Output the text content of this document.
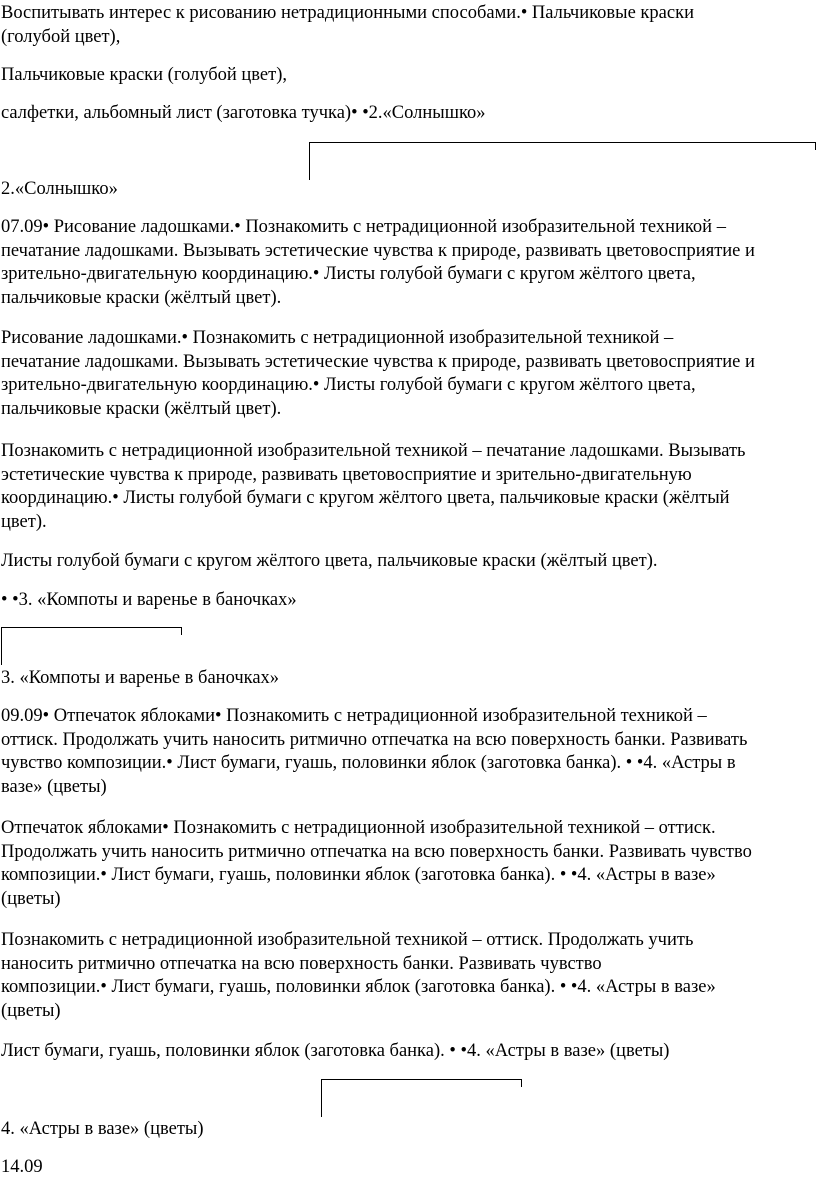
Воспитывать интерес к рисованию нетрадиционными способами.• Пальчиковые краски
(голубой цвет),
Пальчиковые краски (голубой цвет),
салфетки, альбомный лист (заготовка тучка)• •2.«Солнышко»
2.«Солнышко»
07.09• Рисование ладошками.• Познакомить с нетрадиционной изобразительной техникой –
печатание ладошками. Вызывать эстетические чувства к природе, развивать цветовосприятие и
зрительно-двигательную координацию.• Листы голубой бумаги с кругом жёлтого цвета,
пальчиковые краски (жёлтый цвет).
Рисование ладошками.• Познакомить с нетрадиционной изобразительной техникой –
печатание ладошками. Вызывать эстетические чувства к природе, развивать цветовосприятие и
зрительно-двигательную координацию.• Листы голубой бумаги с кругом жёлтого цвета,
пальчиковые краски (жёлтый цвет).
Познакомить с нетрадиционной изобразительной техникой – печатание ладошками. Вызывать
эстетические чувства к природе, развивать цветовосприятие и зрительно-двигательную
координацию.• Листы голубой бумаги с кругом жёлтого цвета, пальчиковые краски (жёлтый
цвет).
Листы голубой бумаги с кругом жёлтого цвета, пальчиковые краски (жёлтый цвет).
• •3. «Компоты и варенье в баночках»
3. «Компоты и варенье в баночках»
09.09• Отпечаток яблоками• Познакомить с нетрадиционной изобразительной техникой –
оттиск. Продолжать учить наносить ритмично отпечатка на всю поверхность банки. Развивать
чувство композиции.• Лист бумаги, гуашь, половинки яблок (заготовка банка). • •4. «Астры в
вазе» (цветы)
Отпечаток яблоками• Познакомить с нетрадиционной изобразительной техникой – оттиск.
Продолжать учить наносить ритмично отпечатка на всю поверхность банки. Развивать чувство
композиции.• Лист бумаги, гуашь, половинки яблок (заготовка банка). • •4. «Астры в вазе»
(цветы)
Познакомить с нетрадиционной изобразительной техникой – оттиск. Продолжать учить
наносить ритмично отпечатка на всю поверхность банки. Развивать чувство
композиции.• Лист бумаги, гуашь, половинки яблок (заготовка банка). • •4. «Астры в вазе»
(цветы)
Лист бумаги, гуашь, половинки яблок (заготовка банка). • •4. «Астры в вазе» (цветы)
4. «Астры в вазе» (цветы)
14.09
